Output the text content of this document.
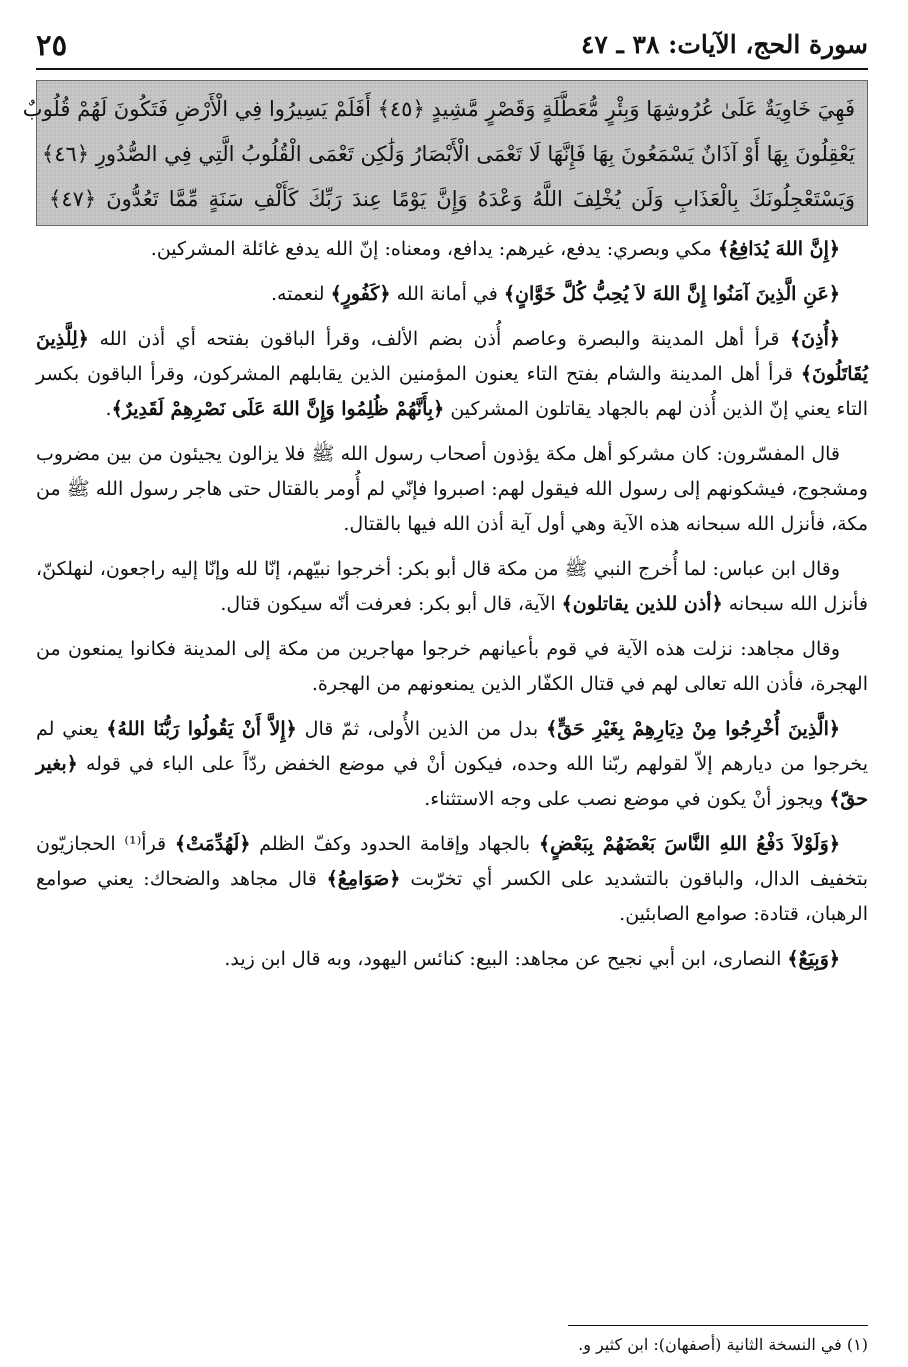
سورة الحج، الآيات: ٣٨ ـ ٤٧
٢٥
فَهِيَ خَاوِيَةٌ عَلَىٰ عُرُوشِهَا وَبِئْرٍ مُّعَطَّلَةٍ وَقَصْرٍ مَّشِيدٍ ﴿٤٥﴾ أَفَلَمْ يَسِيرُوا فِي الْأَرْضِ فَتَكُونَ لَهُمْ قُلُوبٌ
يَعْقِلُونَ بِهَا أَوْ آذَانٌ يَسْمَعُونَ بِهَا فَإِنَّهَا لَا تَعْمَى الْأَبْصَارُ وَلَٰكِن تَعْمَى الْقُلُوبُ الَّتِي فِي الصُّدُورِ ﴿٤٦﴾
وَيَسْتَعْجِلُونَكَ بِالْعَذَابِ وَلَن يُخْلِفَ اللَّهُ وَعْدَهُ وَإِنَّ يَوْمًا عِندَ رَبِّكَ كَأَلْفِ سَنَةٍ مِّمَّا تَعُدُّونَ ﴿٤٧﴾

﴿إِنَّ اللهَ يُدَافِعُ﴾ مكي وبصري: يدفع، غيرهم: يدافع، ومعناه: إنّ الله يدفع غائلة المشركين.

﴿عَنِ الَّذِينَ آمَنُوا إِنَّ اللهَ لاَ يُحِبُّ كُلَّ خَوَّانٍ﴾ في أمانة الله ﴿كَفُورٍ﴾ لنعمته.

﴿أُذِنَ﴾ قرأ أهل المدينة والبصرة وعاصم أُذن بضم الألف، وقرأ الباقون بفتحه أي أذن الله ﴿لِلَّذِينَ يُقَاتَلُونَ﴾ قرأ أهل المدينة والشام بفتح التاء يعنون المؤمنين الذين يقابلهم المشركون، وقرأ الباقون بكسر التاء يعني إنّ الذين أُذن لهم بالجهاد يقاتلون المشركين ﴿بِأَنَّهُمْ ظُلِمُوا وَإِنَّ اللهَ عَلَى نَصْرِهِمْ لَقَدِيرٌ﴾.

قال المفسّرون: كان مشركو أهل مكة يؤذون أصحاب رسول الله ﷺ فلا يزالون يجيئون من بين مضروب ومشجوج، فيشكونهم إلى رسول الله فيقول لهم: اصبروا فإنّي لم أُومر بالقتال حتى هاجر رسول الله ﷺ من مكة، فأنزل الله سبحانه هذه الآية وهي أول آية أذن الله فيها بالقتال.

وقال ابن عباس: لما أُخرج النبي ﷺ من مكة قال أبو بكر: أخرجوا نبيّهم، إنّا لله وإنّا إليه راجعون، لنهلكنّ، فأنزل الله سبحانه ﴿أذن للذين يقاتلون﴾ الآية، قال أبو بكر: فعرفت أنّه سيكون قتال.

وقال مجاهد: نزلت هذه الآية في قوم بأعيانهم خرجوا مهاجرين من مكة إلى المدينة فكانوا يمنعون من الهجرة، فأذن الله تعالى لهم في قتال الكفّار الذين يمنعونهم من الهجرة.

﴿الَّذِينَ أُخْرِجُوا مِنْ دِيَارِهِمْ بِغَيْرِ حَقٍّ﴾ بدل من الذين الأُولى، ثمّ قال ﴿إِلاَّ أَنْ يَقُولُوا رَبُّنَا اللهُ﴾ يعني لم يخرجوا من ديارهم إلاّ لقولهم ربّنا الله وحده، فيكون أنْ في موضع الخفض ردّاً على الباء في قوله ﴿بغير حقّ﴾ ويجوز أنْ يكون في موضع نصب على وجه الاستثناء.

﴿وَلَوْلاَ دَفْعُ اللهِ النَّاسَ بَعْضَهُمْ بِبَعْضٍ﴾ بالجهاد وإقامة الحدود وكفّ الظلم ﴿لَهُدِّمَتْ﴾ قرأ⁽¹⁾ الحجازيّون بتخفيف الدال، والباقون بالتشديد على الكسر أي تخرّبت ﴿صَوَامِعُ﴾ قال مجاهد والضحاك: يعني صوامع الرهبان، قتادة: صوامع الصابئين.

﴿وَبِيَعٌ﴾ النصارى، ابن أبي نجيح عن مجاهد: البيع: كنائس اليهود، وبه قال ابن زيد.

(١) في النسخة الثانية (أصفهان): ابن كثير و.
